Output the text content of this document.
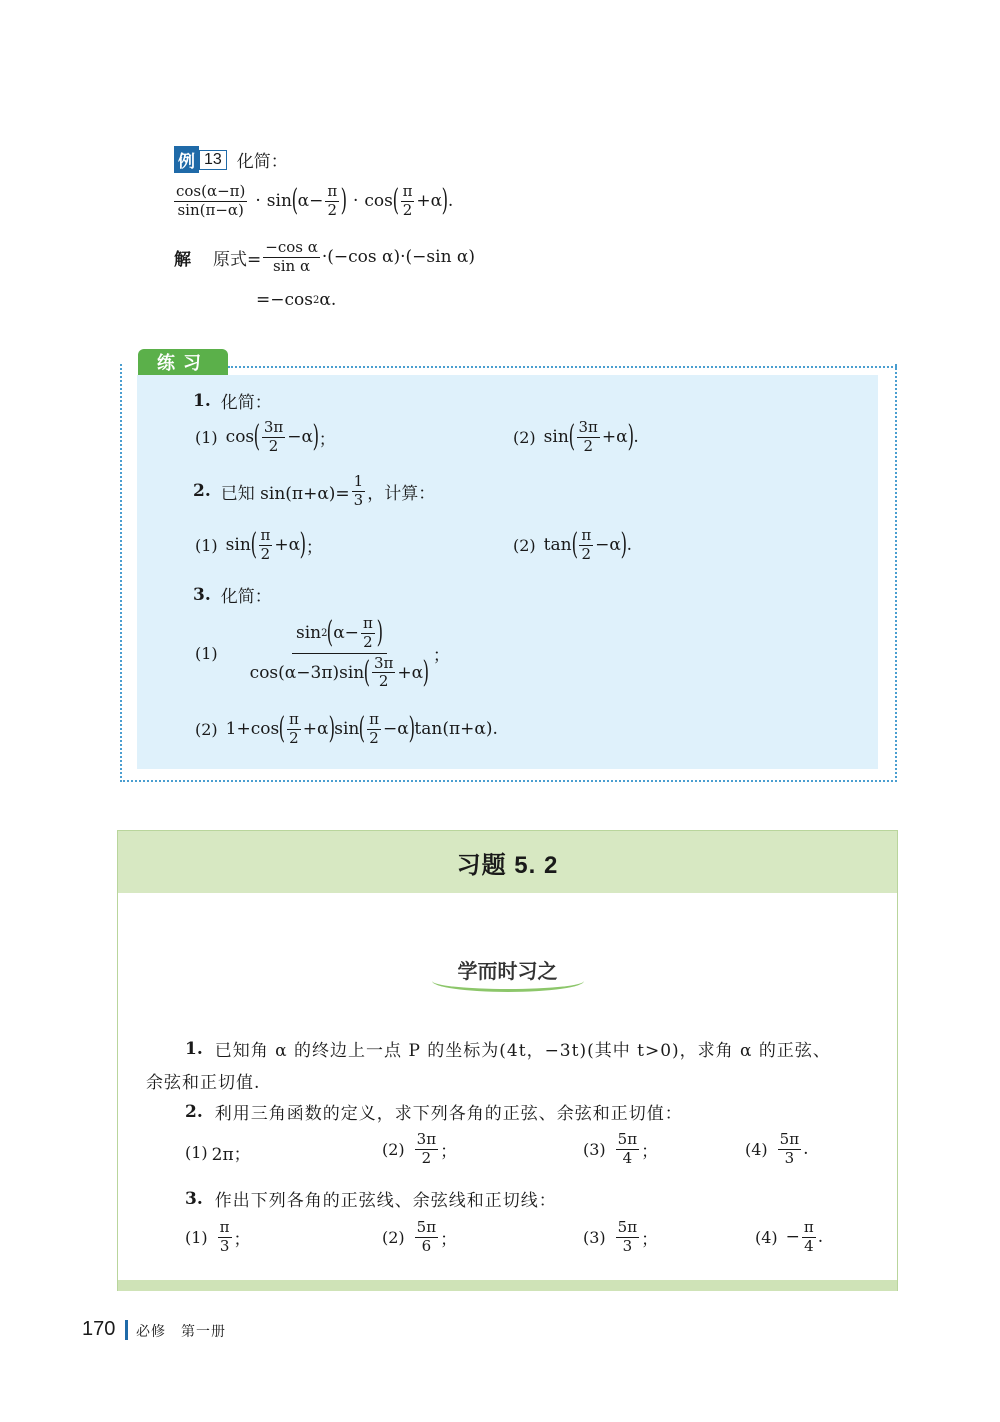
例 13 化简：
$\frac{\cos(\alpha-\pi)}{\sin(\pi-\alpha)} \cdot \sin$ ( $\alpha- \frac{\pi}{2}$ ) · cos ( $\frac{\pi}{2} +\alpha$ ) .
解 原式= $\frac{\text{−cos α}}{\text{sin α}} \cdot(-\cos$ α)·(−sin α)
=−cos 2 α.
练习
1. 化简：
(1) cos ( $\frac{3\pi}{2} -\alpha$ ) ；	(2) sin ( $\frac{3\pi}{2} +\alpha$ ) .
2. 已知 $\sin(\pi+\alpha)= \frac{1}{3}$ ，计算：
(1) sin ( $\frac{\pi}{2} +\alpha$ ) ；	(2) tan ( $\frac{\pi}{2} -\alpha$ ) .
3. 化简：
(1)
sin 2 ( $\alpha- \frac{\pi}{2}$ )
cos(α−3π)sin ( $\frac{3\pi}{2} +\alpha$ ) ；
(2) 1+cos ( $\frac{\pi}{2} +\alpha$ ) sin ( $\frac{\pi}{2} -\alpha$ ) tan(π+α).
习题 5. 2
学而时习之
1. 已知角 α 的终边上一点 P 的坐标为(4t，−3t)(其中 t>0)，求角 α 的正弦、
余弦和正切值.
2. 利用三角函数的定义，求下列各角的正弦、余弦和正切值：
(1) 2π；	$(2) \frac{3\pi}{2}$ ；	$(3) \frac{5\pi}{4}$ ；	$(4) \frac{5\pi}{3}$ .
3. 作出下列各角的正弦线、余弦线和正切线：
$(1) \frac{\pi}{3}$ ；	$(2) \frac{5\pi}{6}$ ；	$(3) \frac{5\pi}{3}$ ；	$(4) - \frac{\pi}{4}$ .
170 必修　第一册
